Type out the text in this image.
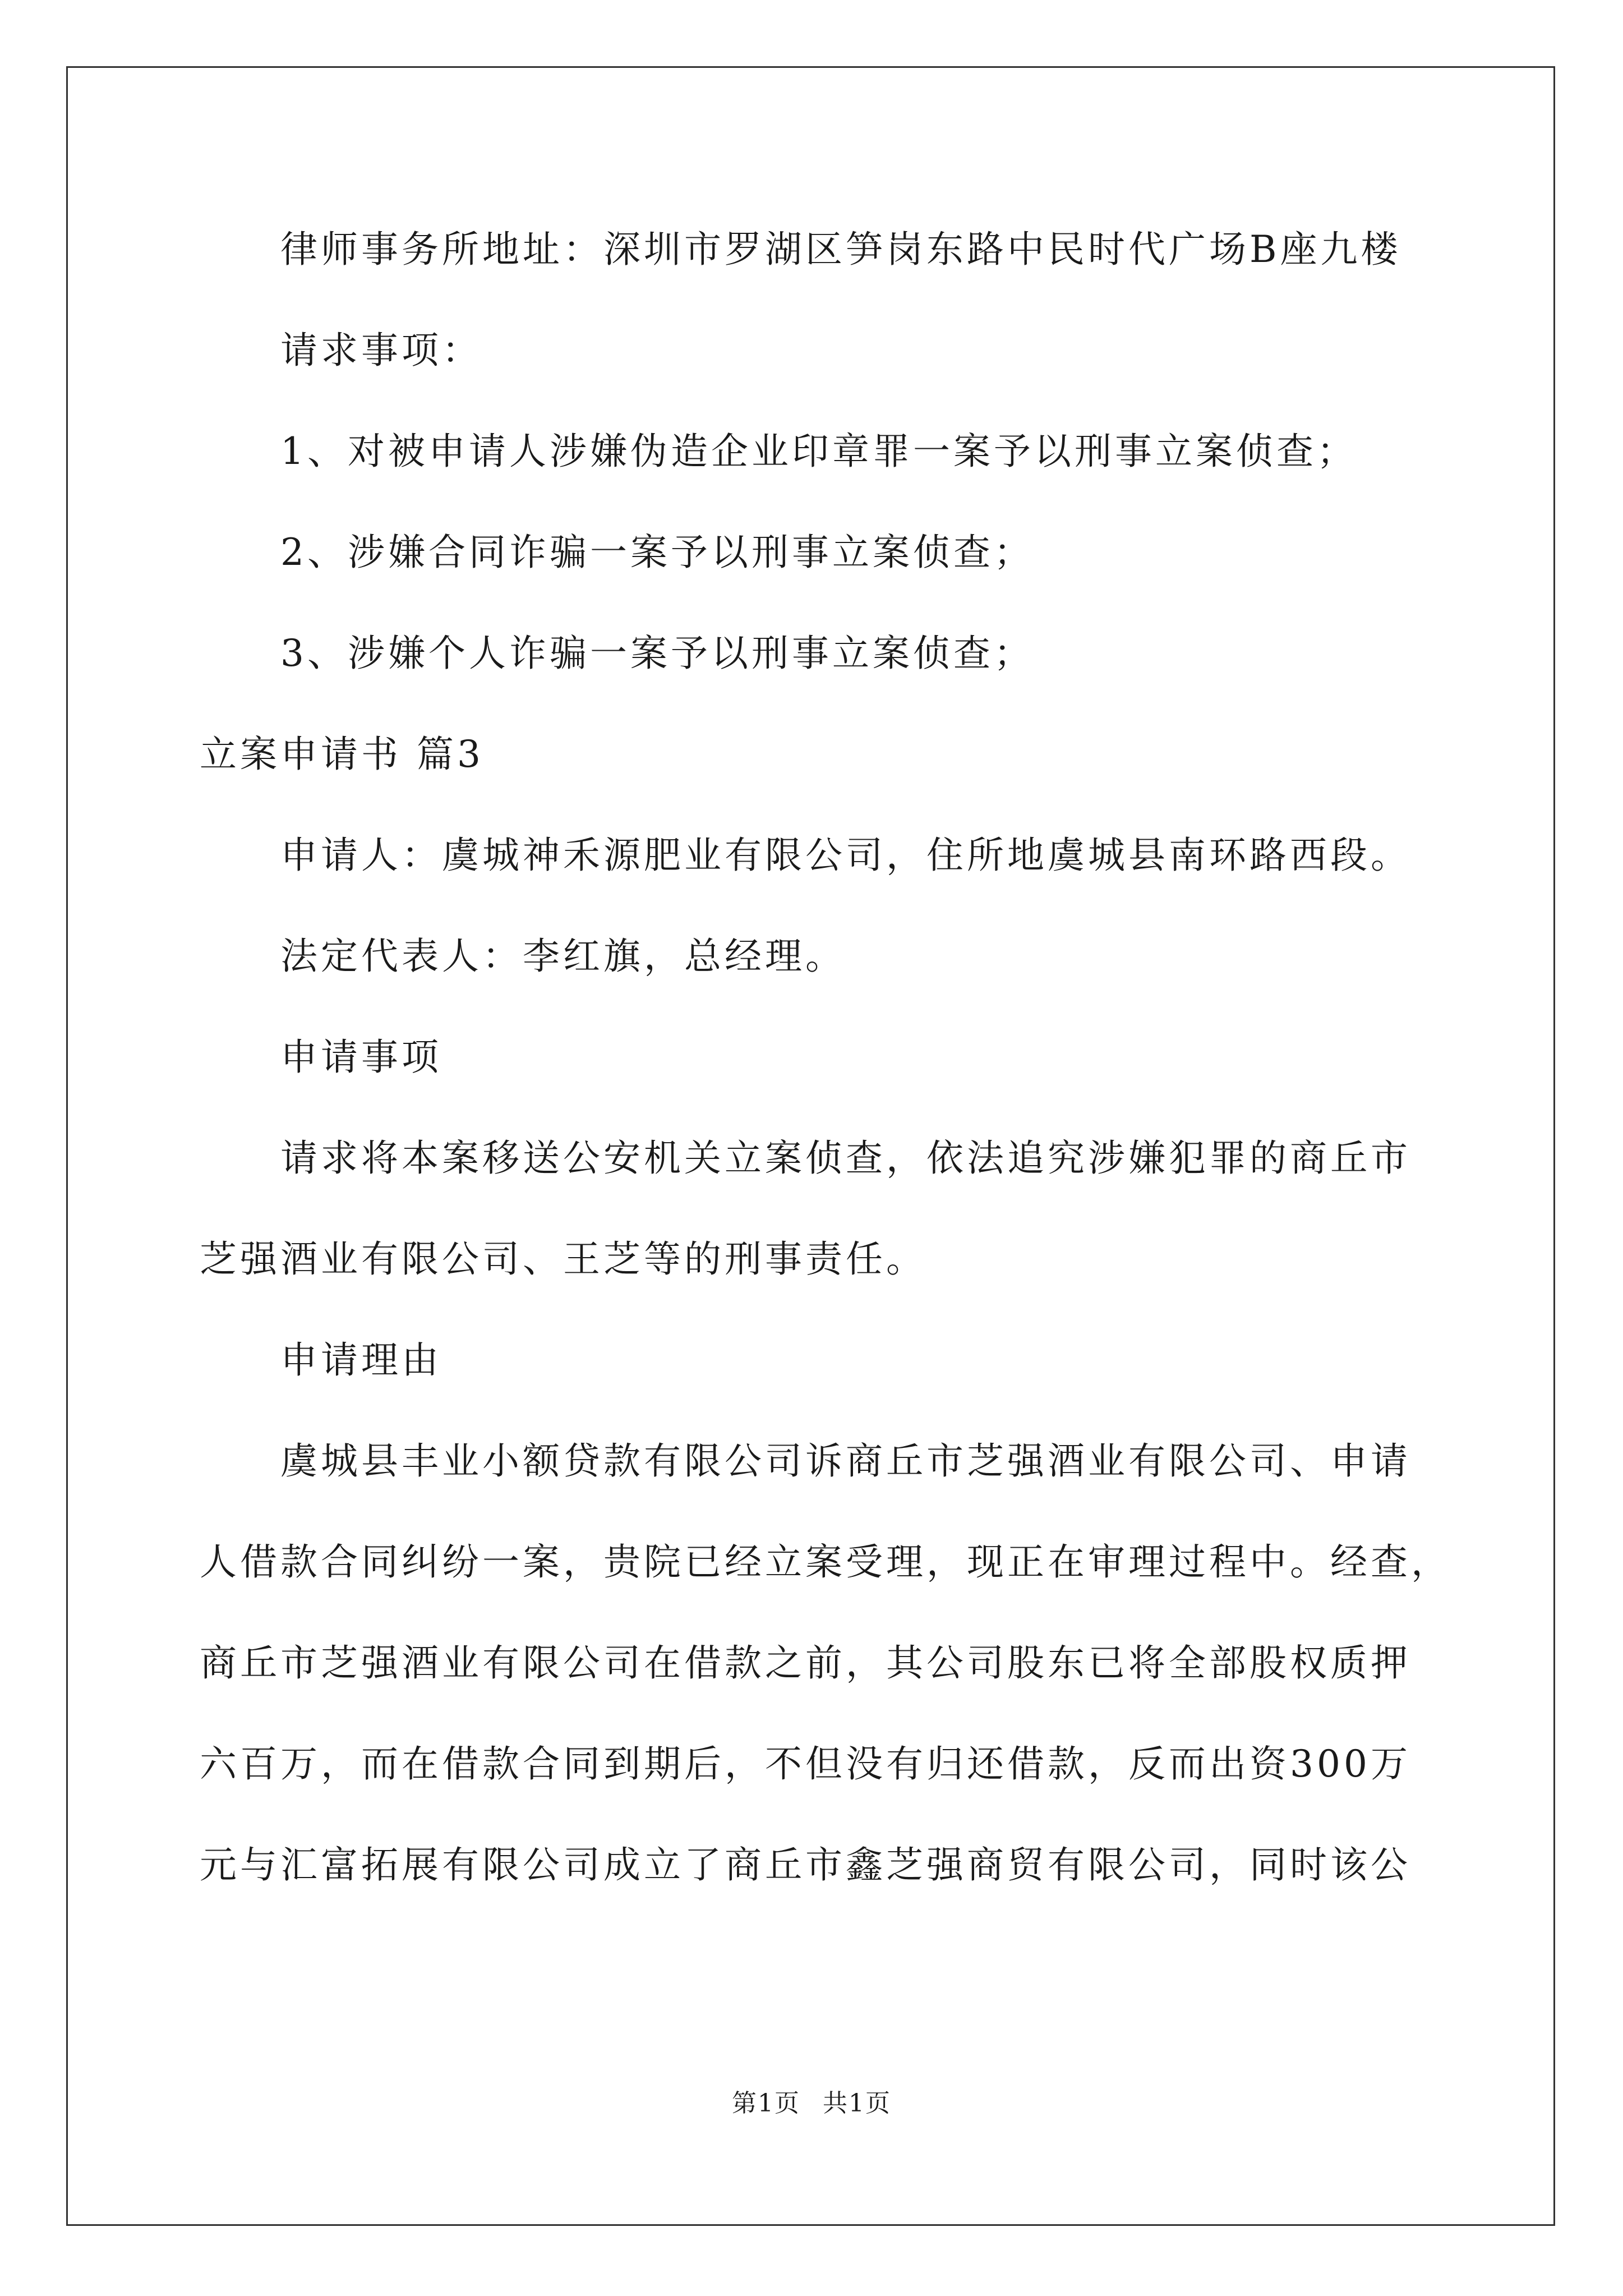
律师事务所地址：深圳市罗湖区笋岗东路中民时代广场B座九楼
请求事项：
1、对被申请人涉嫌伪造企业印章罪一案予以刑事立案侦查；
2、涉嫌合同诈骗一案予以刑事立案侦查；
3、涉嫌个人诈骗一案予以刑事立案侦查；
立案申请书 篇3
申请人：虞城神禾源肥业有限公司，住所地虞城县南环路西段。
法定代表人：李红旗，总经理。
申请事项
请求将本案移送公安机关立案侦查，依法追究涉嫌犯罪的商丘市
芝强酒业有限公司、王芝等的刑事责任。
申请理由
虞城县丰业小额贷款有限公司诉商丘市芝强酒业有限公司、申请
人借款合同纠纷一案，贵院已经立案受理，现正在审理过程中。经查，
商丘市芝强酒业有限公司在借款之前，其公司股东已将全部股权质押
六百万，而在借款合同到期后，不但没有归还借款，反而出资300万
元与汇富拓展有限公司成立了商丘市鑫芝强商贸有限公司，同时该公
第1页 共1页
